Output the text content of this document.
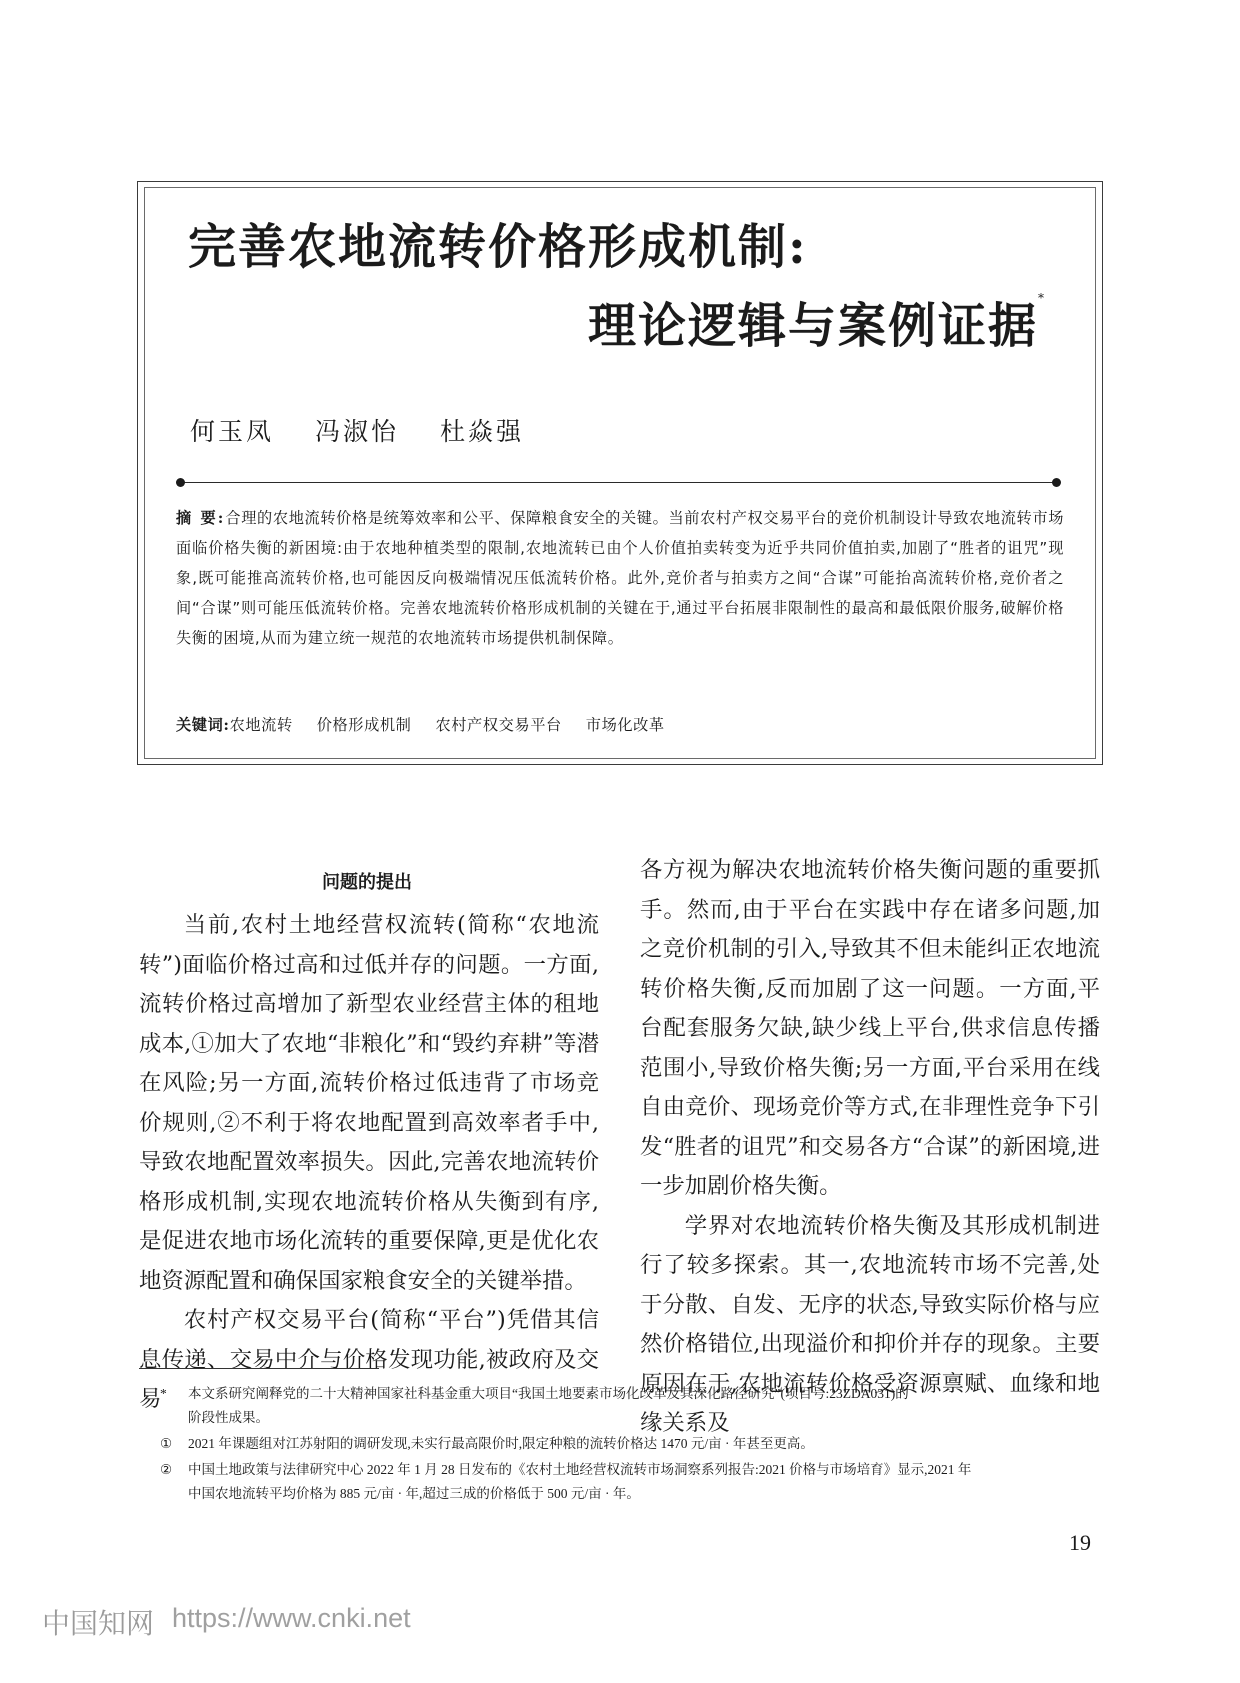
完善农地流转价格形成机制:
理论逻辑与案例证据*
何玉凤 冯淑怡 杜焱强
摘 要:合理的农地流转价格是统筹效率和公平、保障粮食安全的关键。当前农村产权交易平台的竞价机制设计导致农地流转市场面临价格失衡的新困境:由于农地种植类型的限制,农地流转已由个人价值拍卖转变为近乎共同价值拍卖,加剧了“胜者的诅咒”现象,既可能推高流转价格,也可能因反向极端情况压低流转价格。此外,竞价者与拍卖方之间“合谋”可能抬高流转价格,竞价者之间“合谋”则可能压低流转价格。完善农地流转价格形成机制的关键在于,通过平台拓展非限制性的最高和最低限价服务,破解价格失衡的困境,从而为建立统一规范的农地流转市场提供机制保障。
关键词:农地流转 价格形成机制 农村产权交易平台 市场化改革
问题的提出

当前,农村土地经营权流转(简称“农地流转”)面临价格过高和过低并存的问题。一方面,流转价格过高增加了新型农业经营主体的租地成本,①加大了农地“非粮化”和“毁约弃耕”等潜在风险;另一方面,流转价格过低违背了市场竞价规则,②不利于将农地配置到高效率者手中,导致农地配置效率损失。因此,完善农地流转价格形成机制,实现农地流转价格从失衡到有序,是促进农地市场化流转的重要保障,更是优化农地资源配置和确保国家粮食安全的关键举措。

农村产权交易平台(简称“平台”)凭借其信息传递、交易中介与价格发现功能,被政府及交易

各方视为解决农地流转价格失衡问题的重要抓手。然而,由于平台在实践中存在诸多问题,加之竞价机制的引入,导致其不但未能纠正农地流转价格失衡,反而加剧了这一问题。一方面,平台配套服务欠缺,缺少线上平台,供求信息传播范围小,导致价格失衡;另一方面,平台采用在线自由竞价、现场竞价等方式,在非理性竞争下引发“胜者的诅咒”和交易各方“合谋”的新困境,进一步加剧价格失衡。

学界对农地流转价格失衡及其形成机制进行了较多探索。其一,农地流转市场不完善,处于分散、自发、无序的状态,导致实际价格与应然价格错位,出现溢价和抑价并存的现象。主要原因在于,农地流转价格受资源禀赋、血缘和地缘关系及

* 本文系研究阐释党的二十大精神国家社科基金重大项目“我国土地要素市场化改革及其深化路径研究”(项目号:23ZDA031)的
阶段性成果。
① 2021 年课题组对江苏射阳的调研发现,未实行最高限价时,限定种粮的流转价格达 1470 元/亩 · 年甚至更高。
② 中国土地政策与法律研究中心 2022 年 1 月 28 日发布的《农村土地经营权流转市场洞察系列报告:2021 价格与市场培育》显示,2021 年
中国农地流转平均价格为 885 元/亩 · 年,超过三成的价格低于 500 元/亩 · 年。
19
中国知网 https://www.cnki.net
